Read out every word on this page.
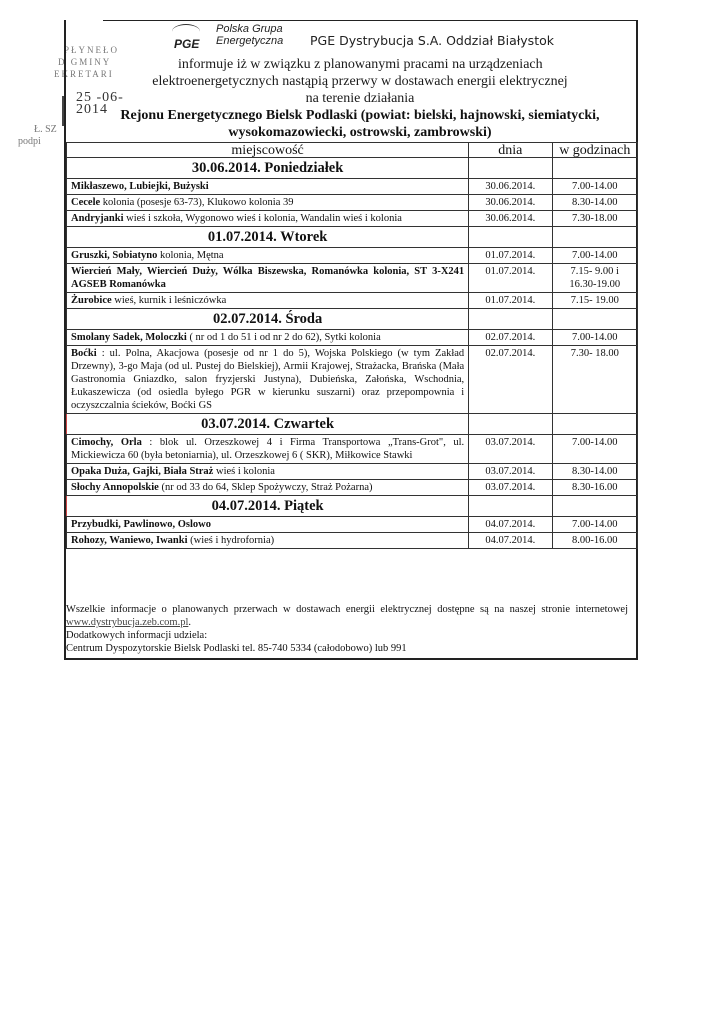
PŁYNEŁO
D GMINY
EKRETARI
25 -06- 2014
Ł. SZ
podpi
PGE
Polska Grupa
Energetyczna PGE Dystrybucja S.A. Oddział Białystok
informuje iż w związku z planowanymi pracami na urządzeniach
elektroenergetycznych nastąpią przerwy w dostawach energii elektrycznej
na terenie działania
Rejonu Energetycznego Bielsk Podlaski (powiat: bielski, hajnowski, siemiatycki,
wysokomazowiecki, ostrowski, zambrowski)
miejscowość	dnia	w godzinach
30.06.2014. Poniedziałek		
Mikłaszewo, Lubiejki, Bużyski	30.06.2014.	7.00-14.00
Cecele kolonia (posesje 63-73), Klukowo kolonia 39	30.06.2014.	8.30-14.00
Andryjanki wieś i szkoła, Wygonowo wieś i kolonia, Wandalin wieś i kolonia	30.06.2014.	7.30-18.00
01.07.2014. Wtorek		
Gruszki, Sobiatyno kolonia, Mętna	01.07.2014.	7.00-14.00
Wiercień Mały, Wiercień Duży, Wólka Biszewska, Romanówka kolonia, ST 3-X241 AGSEB Romanówka	01.07.2014.	7.15- 9.00 i 16.30-19.00
Żurobice wieś, kurnik i leśniczówka	01.07.2014.	7.15- 19.00
02.07.2014. Środa		
Smolany Sadek, Moloczki ( nr od 1 do 51 i od nr 2 do 62), Sytki kolonia	02.07.2014.	7.00-14.00
Boćki : ul. Polna, Akacjowa (posesje od nr 1 do 5), Wojska Polskiego (w tym Zakład Drzewny), 3-go Maja (od ul. Pustej do Bielskiej), Armii Krajowej, Strażacka, Brańska (Mała Gastronomia Gniazdko, salon fryzjerski Justyna), Dubieńska, Załońska, Wschodnia, Łukaszewicza (od osiedla byłego PGR w kierunku suszarni) oraz przepompownia i oczyszczalnia ścieków, Boćki GS	02.07.2014.	7.30- 18.00
03.07.2014. Czwartek		
Cimochy, Orla : blok ul. Orzeszkowej 4 i Firma Transportowa „Trans-Grot", ul. Mickiewicza 60 (była betoniarnia), ul. Orzeszkowej 6 ( SKR), Miłkowice Stawki	03.07.2014.	7.00-14.00
Opaka Duża, Gajki, Biała Straż wieś i kolonia	03.07.2014.	8.30-14.00
Słochy Annopolskie (nr od 33 do 64, Sklep Spożywczy, Straż Pożarna)	03.07.2014.	8.30-16.00
04.07.2014. Piątek		
Przybudki, Pawlinowo, Oslowo	04.07.2014.	7.00-14.00
Rohozy, Waniewo, Iwanki (wieś i hydrofornia)	04.07.2014.	8.00-16.00
Wszelkie informacje o planowanych przerwach w dostawach energii elektrycznej dostępne są na naszej stronie internetowej www.dystrybucja.zeb.com.pl.
Dodatkowych informacji udziela:
Centrum Dyspozytorskie Bielsk Podlaski tel. 85-740 5334 (całodobowo) lub 991
